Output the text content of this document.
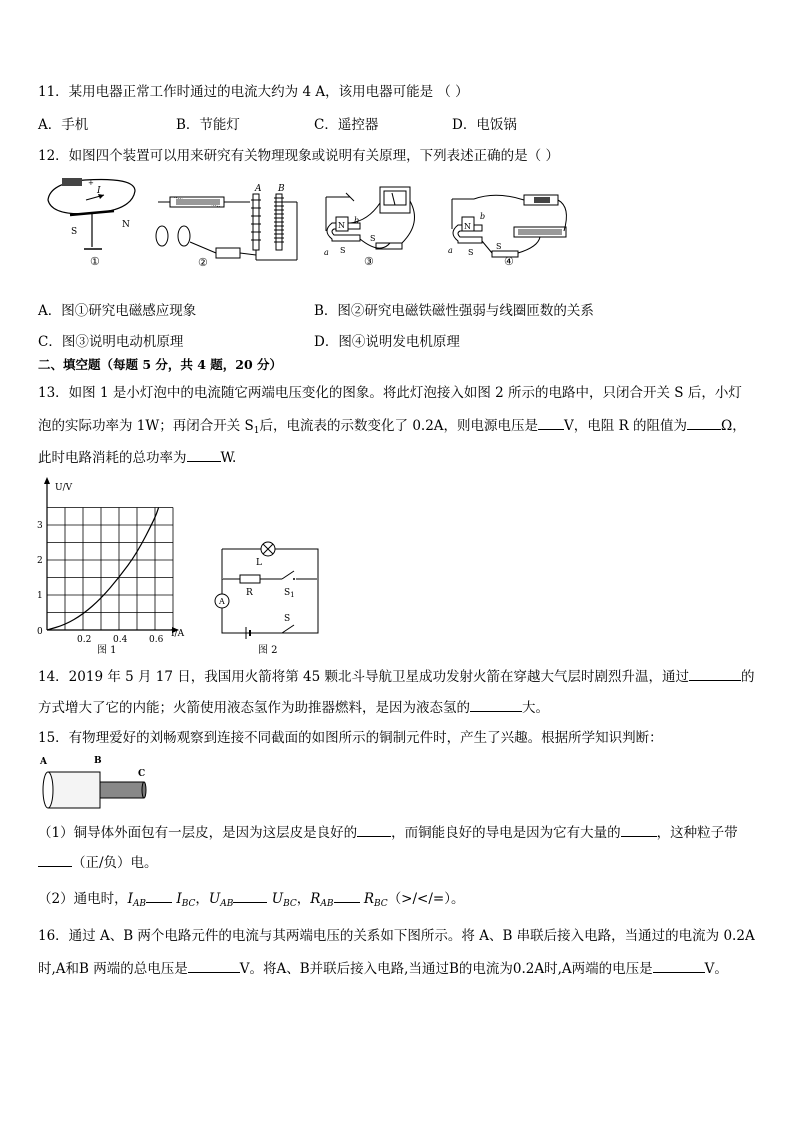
11．某用电器正常工作时通过的电流大约为 4 A，该用电器可能是 （ ）
A．手机	B．节能灯	C．遥控器	D．电饭锅
12．如图四个装置可以用来研究有关物理现象或说明有关原理，下列表述正确的是（ ）
+
I
S
N
①
A B
②
N
S
a
b
S
③
N
S
a
b
S
④
A．图①研究电磁感应现象	B．图②研究电磁铁磁性强弱与线圈匝数的关系
C．图③说明电动机原理	D．图④说明发电机原理
二、填空题（每题 5 分，共 4 题，20 分）
13．如图 1 是小灯泡中的电流随它两端电压变化的图象。将此灯泡接入如图 2 所示的电路中，只闭合开关 S 后，小灯
泡的实际功率为 1W；再闭合开关 $S_1$后，电流表的示数变化了 0.2A，则电源电压是 V，电阻 R 的阻值为	Ω，
此时电路消耗的总功率为	W.
0.2 0.4 0.6
1
2
3
U/V
I/A
0
图 1
L
R	$S_1$
A
S
图 2
14．2019 年 5 月 17 日，我国用火箭将第 45 颗北斗导航卫星成功发射火箭在穿越大气层时剧烈升温，通过	的
方式增大了它的内能；火箭使用液态氢作为助推器燃料，是因为液态氢的	大。
15．有物理爱好的刘畅观察到连接不同截面的如图所示的铜制元件时，产生了兴趣。根据所学知识判断：
A	B
C
（1）铜导体外面包有一层皮，是因为这层皮是良好的	，而铜能良好的导电是因为它有大量的	，这种粒子带
（正/负）电。
（2）通电时，$I_{AB}$ $I_{BC}$，$U_{AB}$	$U_{BC}$，$R_{AB}$ $R_{BC}(>/</=)$。
16．通过 A、B 两个电路元件的电流与其两端电压的关系如下图所示。将 A、B 串联后接入电路，当通过的电流为 0.2A
时,A和B 两端的总电压是	V。将A、B并联后接入电路,当通过B的电流为0.2A时,A两端的电压是	V。
